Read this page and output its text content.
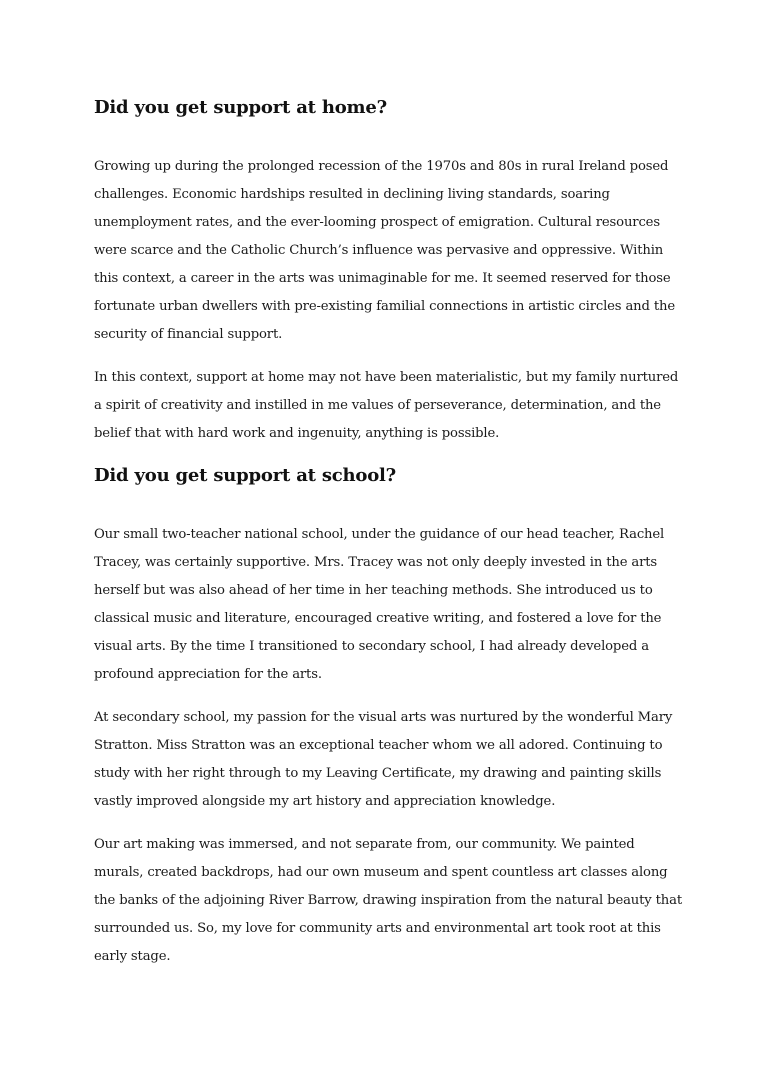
Did you get support at home?

Growing up during the prolonged recession of the 1970s and 80s in rural Ireland posed challenges. Economic hardships resulted in declining living standards, soaring unemployment rates, and the ever-looming prospect of emigration. Cultural resources were scarce and the Catholic Church’s influence was pervasive and oppressive. Within this context, a career in the arts was unimaginable for me. It seemed reserved for those fortunate urban dwellers with pre-existing familial connections in artistic circles and the security of financial support.

In this context, support at home may not have been materialistic, but my family nurtured a spirit of creativity and instilled in me values of perseverance, determination, and the belief that with hard work and ingenuity, anything is possible.

Did you get support at school?

Our small two-teacher national school, under the guidance of our head teacher, Rachel Tracey, was certainly supportive. Mrs. Tracey was not only deeply invested in the arts herself but was also ahead of her time in her teaching methods. She introduced us to classical music and literature, encouraged creative writing, and fostered a love for the visual arts. By the time I transitioned to secondary school, I had already developed a profound appreciation for the arts.

At secondary school, my passion for the visual arts was nurtured by the wonderful Mary Stratton. Miss Stratton was an exceptional teacher whom we all adored. Continuing to study with her right through to my Leaving Certificate, my drawing and painting skills vastly improved alongside my art history and appreciation knowledge.

Our art making was immersed, and not separate from, our community. We painted murals, created backdrops, had our own museum and spent countless art classes along the banks of the adjoining River Barrow, drawing inspiration from the natural beauty that surrounded us. So, my love for community arts and environmental art took root at this early stage.
